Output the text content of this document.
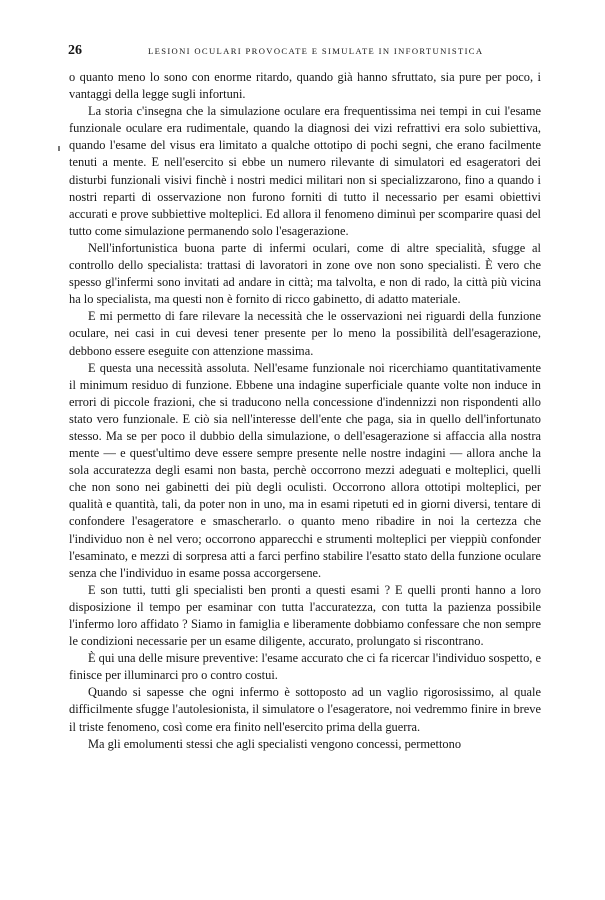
26	LESIONI OCULARI PROVOCATE E SIMULATE IN INFORTUNISTICA

o quanto meno lo sono con enorme ritardo, quando già hanno sfruttato, sia pure per poco, i vantaggi della legge sugli infortuni.

La storia c'insegna che la simulazione oculare era frequentissima nei tempi in cui l'esame funzionale oculare era rudimentale, quando la diagnosi dei vizi refrattivi era solo subiettiva, quando l'esame del visus era limitato a qualche ottotipo di pochi segni, che erano facilmente tenuti a mente. E nell'esercito si ebbe un numero rilevante di simulatori ed esageratori dei disturbi funzionali visivi finchè i nostri medici militari non si specializzarono, fino a quando i nostri reparti di osservazione non furono forniti di tutto il necessario per esami obiettivi accurati e prove subbiettive molteplici. Ed allora il fenomeno diminuì per scomparire quasi del tutto come simulazione permanendo solo l'esagerazione.

Nell'infortunistica buona parte di infermi oculari, come di altre specialità, sfugge al controllo dello specialista: trattasi di lavoratori in zone ove non sono specialisti. È vero che spesso gl'infermi sono invitati ad andare in città; ma talvolta, e non di rado, la città più vicina ha lo specialista, ma questi non è fornito di ricco gabinetto, di adatto materiale.

E mi permetto di fare rilevare la necessità che le osservazioni nei riguardi della funzione oculare, nei casi in cui devesi tener presente per lo meno la possibilità dell'esagerazione, debbono essere eseguite con attenzione massima.

E questa una necessità assoluta. Nell'esame funzionale noi ricerchiamo quantitativamente il minimum residuo di funzione. Ebbene una indagine superficiale quante volte non induce in errori di piccole frazioni, che si traducono nella concessione d'indennizzi non rispondenti allo stato vero funzionale. E ciò sia nell'interesse dell'ente che paga, sia in quello dell'infortunato stesso. Ma se per poco il dubbio della simulazione, o dell'esagerazione si affaccia alla nostra mente — e quest'ultimo deve essere sempre presente nelle nostre indagini — allora anche la sola accuratezza degli esami non basta, perchè occorrono mezzi adeguati e molteplici, quelli che non sono nei gabinetti dei più degli oculisti. Occorrono allora ottotipi molteplici, per qualità e quantità, tali, da poter non in uno, ma in esami ripetuti ed in giorni diversi, tentare di confondere l'esageratore e smascherarlo. o quanto meno ribadire in noi la certezza che l'individuo non è nel vero; occorrono apparecchi e strumenti molteplici per vieppiù confonder l'esaminato, e mezzi di sorpresa atti a farci perfino stabilire l'esatto stato della funzione oculare senza che l'individuo in esame possa accorgersene.

E son tutti, tutti gli specialisti ben pronti a questi esami ? E quelli pronti hanno a loro disposizione il tempo per esaminar con tutta l'accuratezza, con tutta la pazienza possibile l'infermo loro affidato ? Siamo in famiglia e liberamente dobbiamo confessare che non sempre le condizioni necessarie per un esame diligente, accurato, prolungato si riscontrano.

È qui una delle misure preventive: l'esame accurato che ci fa ricercar l'individuo sospetto, e finisce per illuminarci pro o contro costui.

Quando si sapesse che ogni infermo è sottoposto ad un vaglio rigorosissimo, al quale difficilmente sfugge l'autolesionista, il simulatore o l'esageratore, noi vedremmo finire in breve il triste fenomeno, così come era finito nell'esercito prima della guerra.

Ma gli emolumenti stessi che agli specialisti vengono concessi, permettono
